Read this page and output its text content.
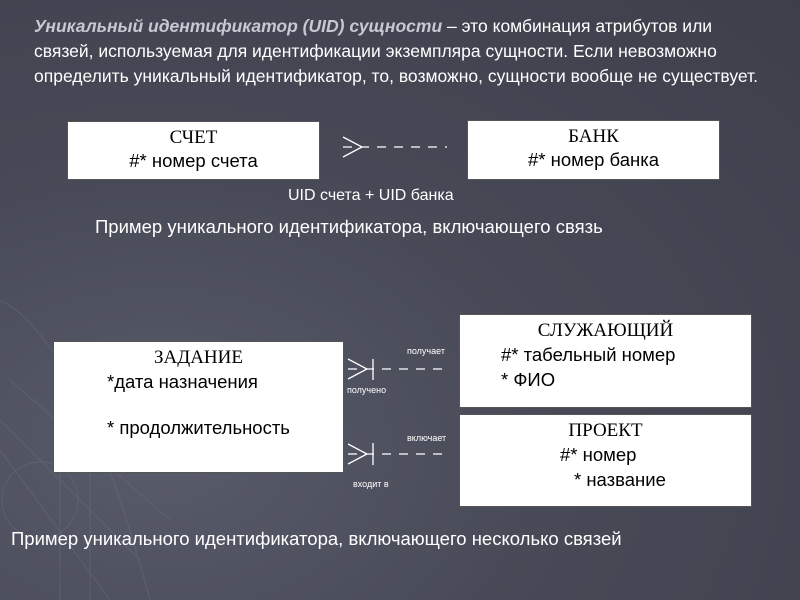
Уникальный идентификатор (UID) сущности – это комбинация атрибутов или связей, используемая для идентификации экземпляра сущности. Если невозможно определить уникальный идентификатор, то, возможно, сущности вообще не существует.
СЧЕТ
#* номер счета
БАНК
#* номер банка
UID счета + UID банка
Пример уникального идентификатора, включающего связь
ЗАДАНИЕ
*дата назначения
* продолжительность
СЛУЖАЮЩИЙ
#* табельный номер
* ФИО
ПРОЕКТ
#* номер
* название
получает
получено
включает
входит в
Пример уникального идентификатора, включающего несколько связей
